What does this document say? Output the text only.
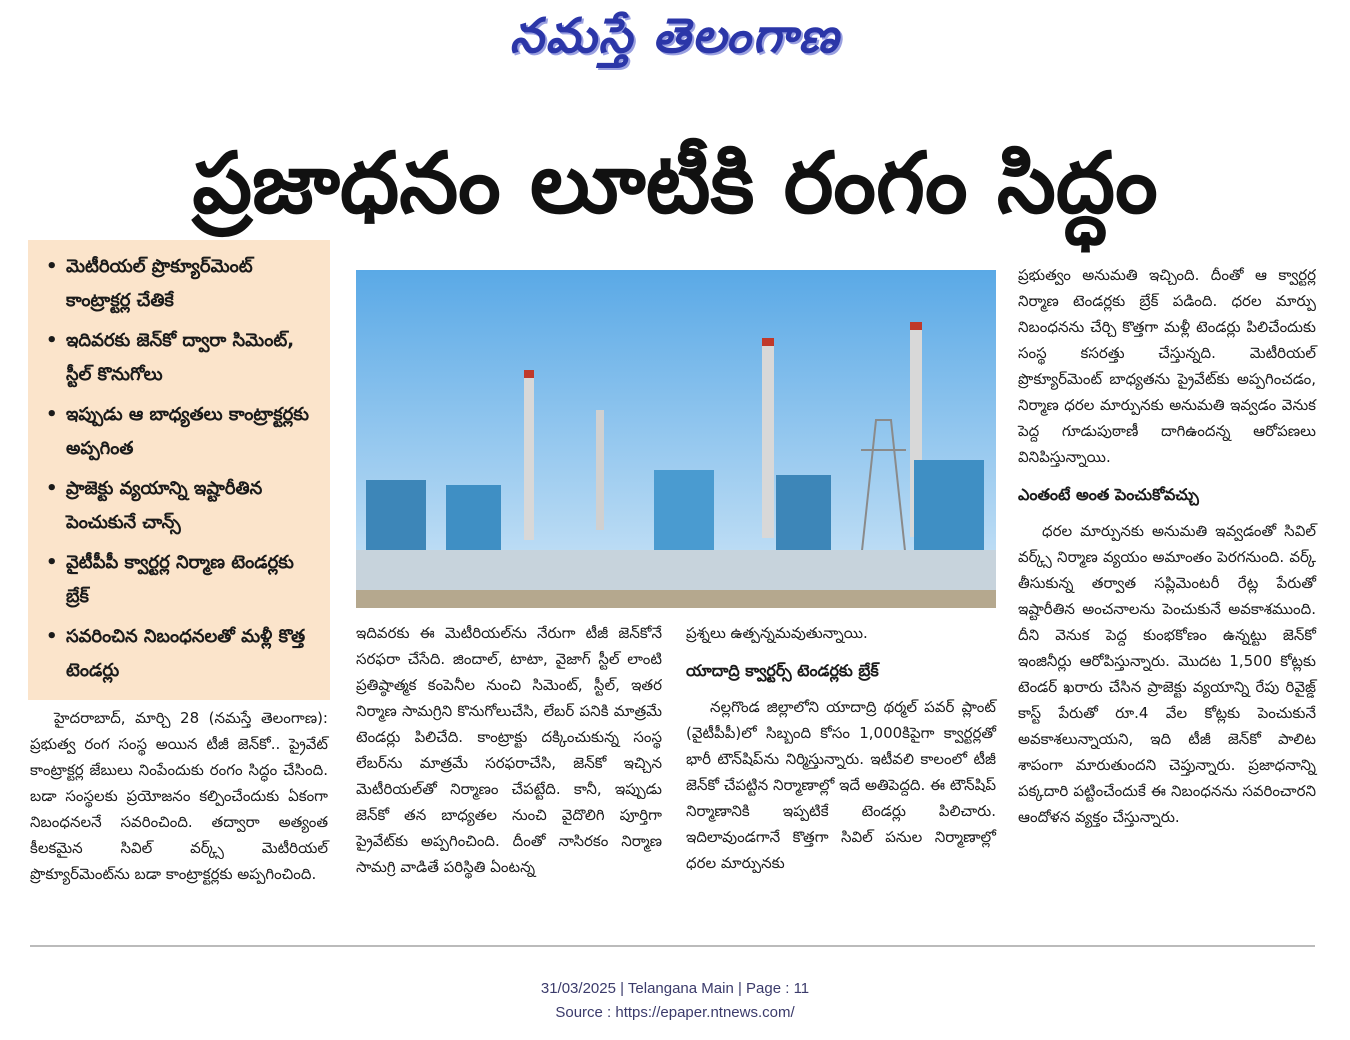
నమస్తే తెలంగాణ
ప్రజాధనం లూటీకి రంగం సిద్ధం
• మెటీరియల్ ప్రొక్యూర్‌మెంట్ కాంట్రాక్టర్ల చేతికే
• ఇదివరకు జెన్‌కో ద్వారా సిమెంట్, స్టీల్ కొనుగోలు
• ఇప్పుడు ఆ బాధ్యతలు కాంట్రాక్టర్లకు అప్పగింత
• ప్రాజెక్టు వ్యయాన్ని ఇష్టారీతిన పెంచుకునే చాన్స్
• వైటీపీపీ క్వార్టర్ల నిర్మాణ టెండర్లకు బ్రేక్
• సవరించిన నిబంధనలతో మళ్లీ కొత్త టెండర్లు

హైదరాబాద్, మార్చి 28 (నమస్తే తెలంగాణ): ప్రభుత్వ రంగ సంస్థ అయిన టీజీ జెన్‌కో.. ప్రైవేట్ కాంట్రాక్టర్ల జేబులు నింపేందుకు రంగం సిద్ధం చేసింది. బడా సంస్థలకు ప్రయోజనం కల్పించేందుకు ఏకంగా నిబంధనలనే సవరించింది. తద్వారా అత్యంత కీలకమైన సివిల్ వర్క్స్ మెటీరియల్ ప్రొక్యూర్‌మెంట్‌ను బడా కాంట్రాక్టర్లకు అప్పగించింది.

ఇదివరకు ఈ మెటీరియల్‌ను నేరుగా టీజీ జెన్‌కోనే సరఫరా చేసేది. జిందాల్, టాటా, వైజాగ్ స్టీల్ లాంటి ప్రతిష్ఠాత్మక కంపెనీల నుంచి సిమెంట్, స్టీల్, ఇతర నిర్మాణ సామగ్రిని కొనుగోలుచేసి, లేబర్ పనికి మాత్రమే టెండర్లు పిలిచేది. కాంట్రాక్టు దక్కించుకున్న సంస్థ లేబర్‌ను మాత్రమే సరఫరాచేసి, జెన్‌కో ఇచ్చిన మెటీరియల్‌తో నిర్మాణం చేపట్టేది. కానీ, ఇప్పుడు జెన్‌కో తన బాధ్యతల నుంచి వైదొలిగి పూర్తిగా ప్రైవేట్‌కు అప్పగించింది. దీంతో నాసిరకం నిర్మాణ సామగ్రి వాడితే పరిస్థితి ఏంటన్న

ప్రశ్నలు ఉత్పన్నమవుతున్నాయి.

యాదాద్రి క్వార్టర్స్ టెండర్లకు బ్రేక్

నల్లగొండ జిల్లాలోని యాదాద్రి థర్మల్ పవర్ ప్లాంట్ (వైటీపీపీ)లో సిబ్బంది కోసం 1,000కిపైగా క్వార్టర్లతో భారీ టౌన్‌షిప్‌ను నిర్మిస్తున్నారు. ఇటీవలి కాలంలో టీజీ జెన్‌కో చేపట్టిన నిర్మాణాల్లో ఇదే అతిపెద్దది. ఈ టౌన్‌షిప్ నిర్మాణానికి ఇప్పటికే టెండర్లు పిలిచారు. ఇదిలావుండగానే కొత్తగా సివిల్ పనుల నిర్మాణాల్లో ధరల మార్పునకు

ప్రభుత్వం అనుమతి ఇచ్చింది. దీంతో ఆ క్వార్టర్ల నిర్మాణ టెండర్లకు బ్రేక్ పడింది. ధరల మార్పు నిబంధనను చేర్చి కొత్తగా మళ్లీ టెండర్లు పిలిచేందుకు సంస్థ కసరత్తు చేస్తున్నది. మెటీరియల్ ప్రొక్యూర్‌మెంట్ బాధ్యతను ప్రైవేట్‌కు అప్పగించడం, నిర్మాణ ధరల మార్పునకు అనుమతి ఇవ్వడం వెనుక పెద్ద గూడుపుఠాణీ దాగిఉందన్న ఆరోపణలు వినిపిస్తున్నాయి.

ఎంతంటే అంత పెంచుకోవచ్చు

ధరల మార్పునకు అనుమతి ఇవ్వడంతో సివిల్ వర్క్స్ నిర్మాణ వ్యయం అమాంతం పెరగనుంది. వర్క్ తీసుకున్న తర్వాత సప్లిమెంటరీ రేట్ల పేరుతో ఇష్టారీతిన అంచనాలను పెంచుకునే అవకాశముంది. దీని వెనుక పెద్ద కుంభకోణం ఉన్నట్టు జెన్‌కో ఇంజినీర్లు ఆరోపిస్తున్నారు. మొదట 1,500 కోట్లకు టెండర్ ఖరారు చేసిన ప్రాజెక్టు వ్యయాన్ని రేపు రివైజ్డ్ కాస్ట్ పేరుతో రూ.4 వేల కోట్లకు పెంచుకునే అవకాశలున్నాయని, ఇది టీజీ జెన్‌కో పాలిట శాపంగా మారుతుందని చెప్తున్నారు. ప్రజాధనాన్ని పక్కదారి పట్టించేందుకే ఈ నిబంధనను సవరించారని ఆందోళన వ్యక్తం చేస్తున్నారు.

31/03/2025 | Telangana Main | Page : 11
Source : https://epaper.ntnews.com/
